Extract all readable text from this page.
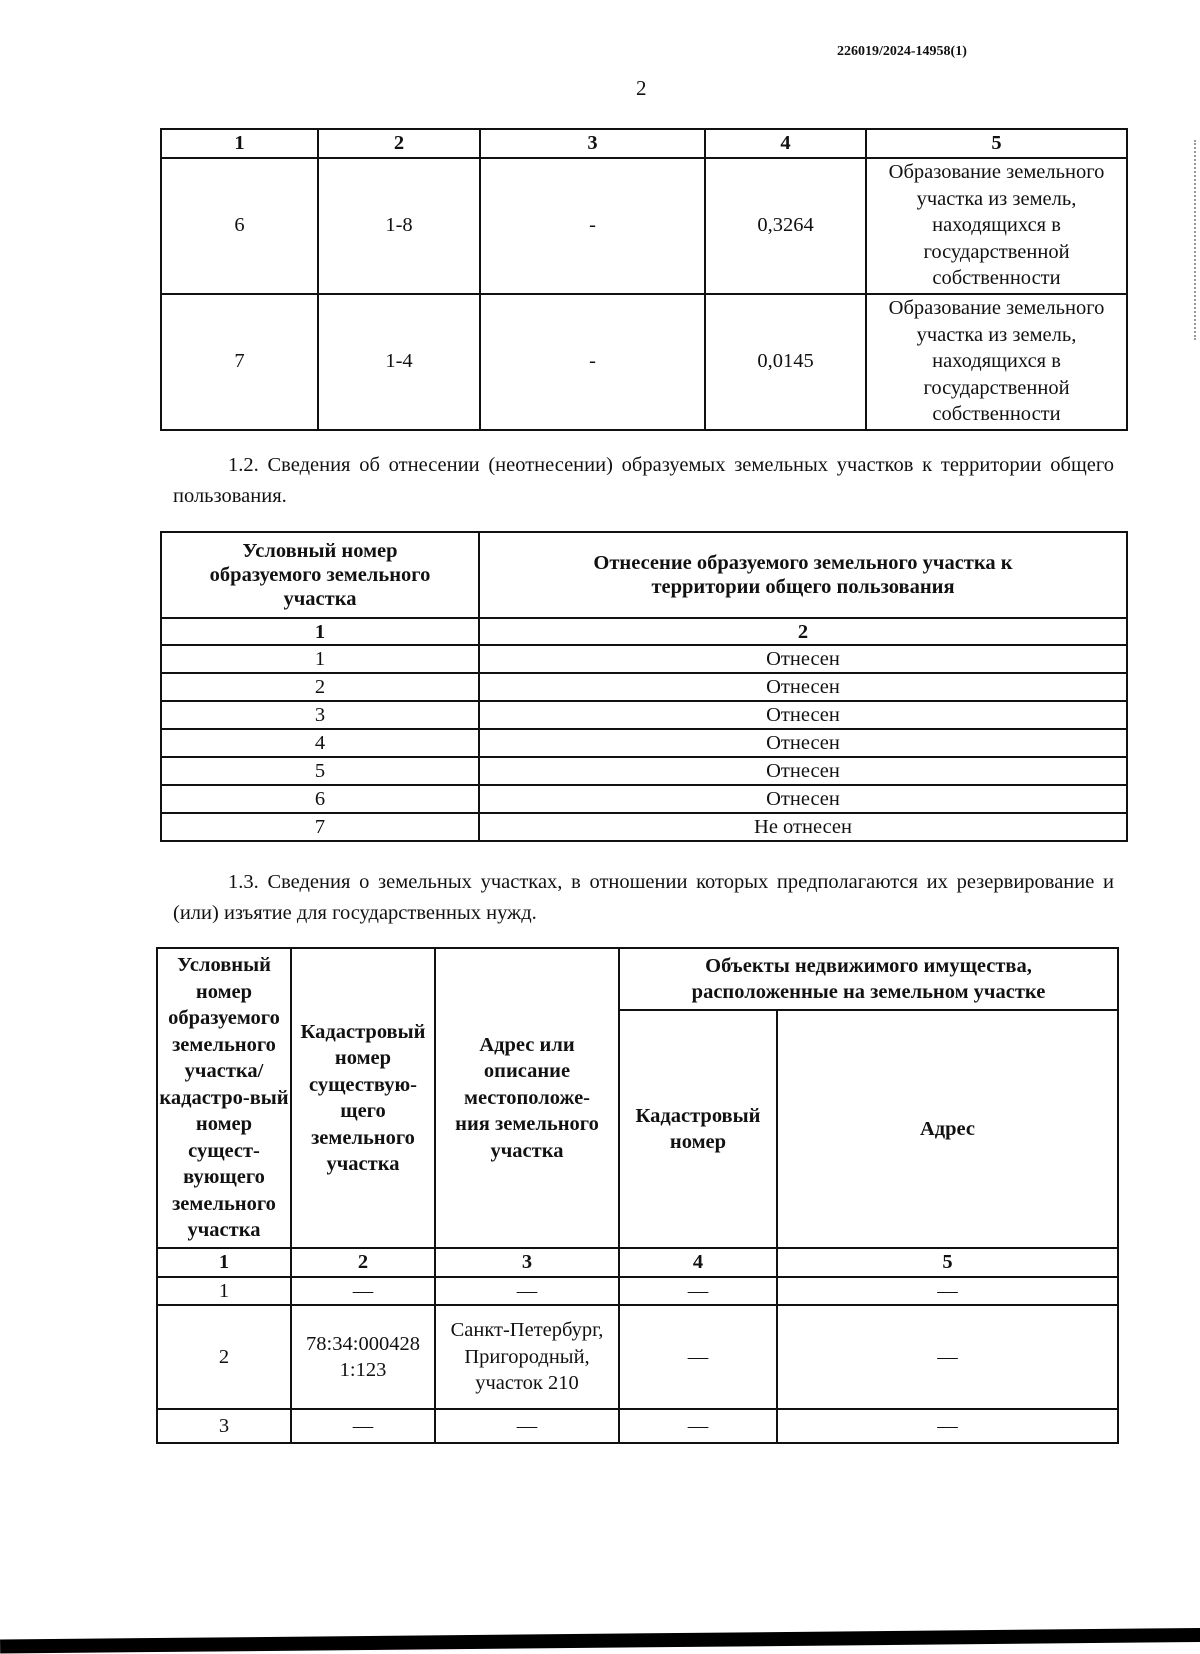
226019/2024-14958(1)
2
1	2	3	4	5
6	1-8	-	0,3264	Образование земельного участка из земель, находящихся в государственной собственности
7	1-4	-	0,0145	Образование земельного участка из земель, находящихся в государственной собственности
1.2. Сведения об отнесении (неотнесении) образуемых земельных участков к территории общего пользования.
Условный номер образуемого земельного участка	Отнесение образуемого земельного участка к территории общего пользования
1	2
1	Отнесен
2	Отнесен
3	Отнесен
4	Отнесен
5	Отнесен
6	Отнесен
7	Не отнесен
1.3. Сведения о земельных участках, в отношении которых предполагаются их резервирование и (или) изъятие для государственных нужд.
Условный номер образуемого земельного участка/ кадастро-вый номер сущест-вующего земельного участка	Кадастровый номер существую-щего земельного участка	Адрес или описание местоположе-ния земельного участка	Объекты недвижимого имущества, расположенные на земельном участке	
			Кадастровый номер	Адрес
1	2	3	4	5
1	—	—	—	—
2	78:34:000428 1:123	Санкт-Петербург, Пригородный, участок 210	—	—
3	—	—	—	—
